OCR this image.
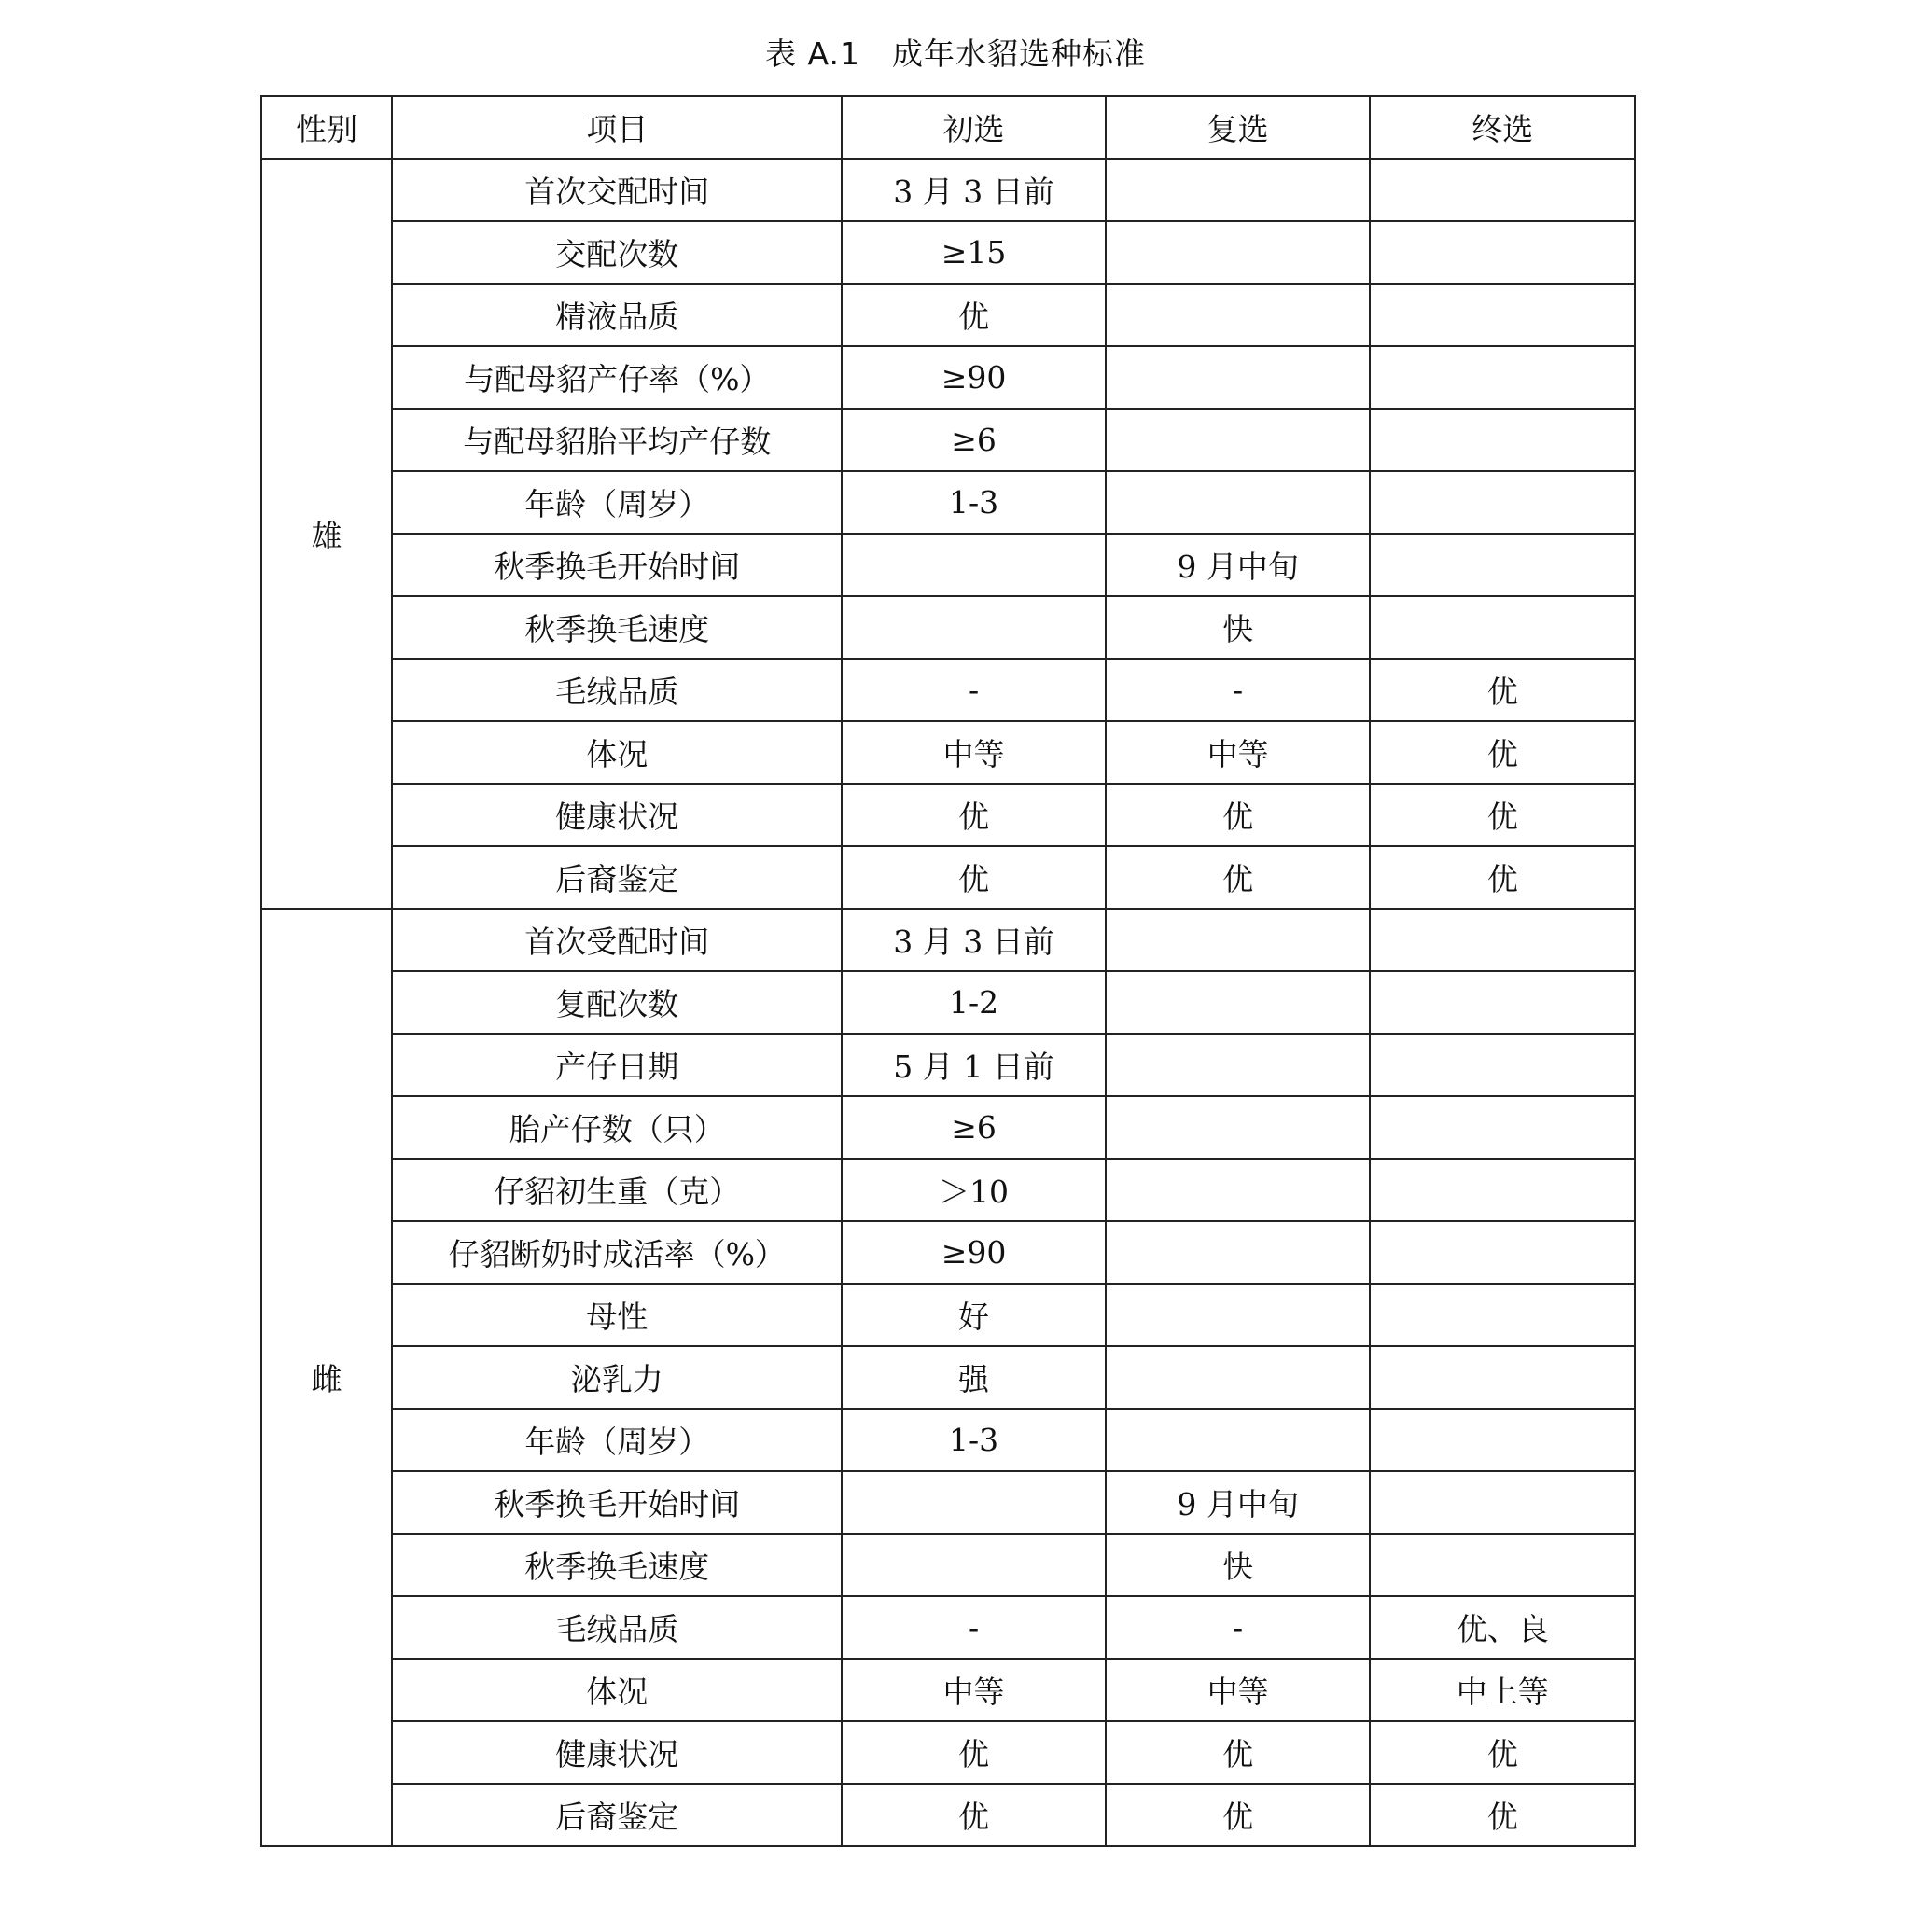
表 A.1 成年水貂选种标准
性别	项目	初选	复选	终选
雄	首次交配时间	3 月 3 日前		
	交配次数	≥15		
	精液品质	优		
	与配母貂产仔率（%）	≥90		
	与配母貂胎平均产仔数	≥6		
	年龄（周岁）	1-3		
	秋季换毛开始时间		9 月中旬	
	秋季换毛速度		快	
	毛绒品质	-	-	优
	体况	中等	中等	优
	健康状况	优	优	优
	后裔鉴定	优	优	优
雌	首次受配时间	3 月 3 日前		
	复配次数	1-2		
	产仔日期	5 月 1 日前		
	胎产仔数（只）	≥6		
	仔貂初生重（克）	＞10		
	仔貂断奶时成活率（%）	≥90		
	母性	好		
	泌乳力	强		
	年龄（周岁）	1-3		
	秋季换毛开始时间		9 月中旬	
	秋季换毛速度		快	
	毛绒品质	-	-	优、良
	体况	中等	中等	中上等
	健康状况	优	优	优
	后裔鉴定	优	优	优
